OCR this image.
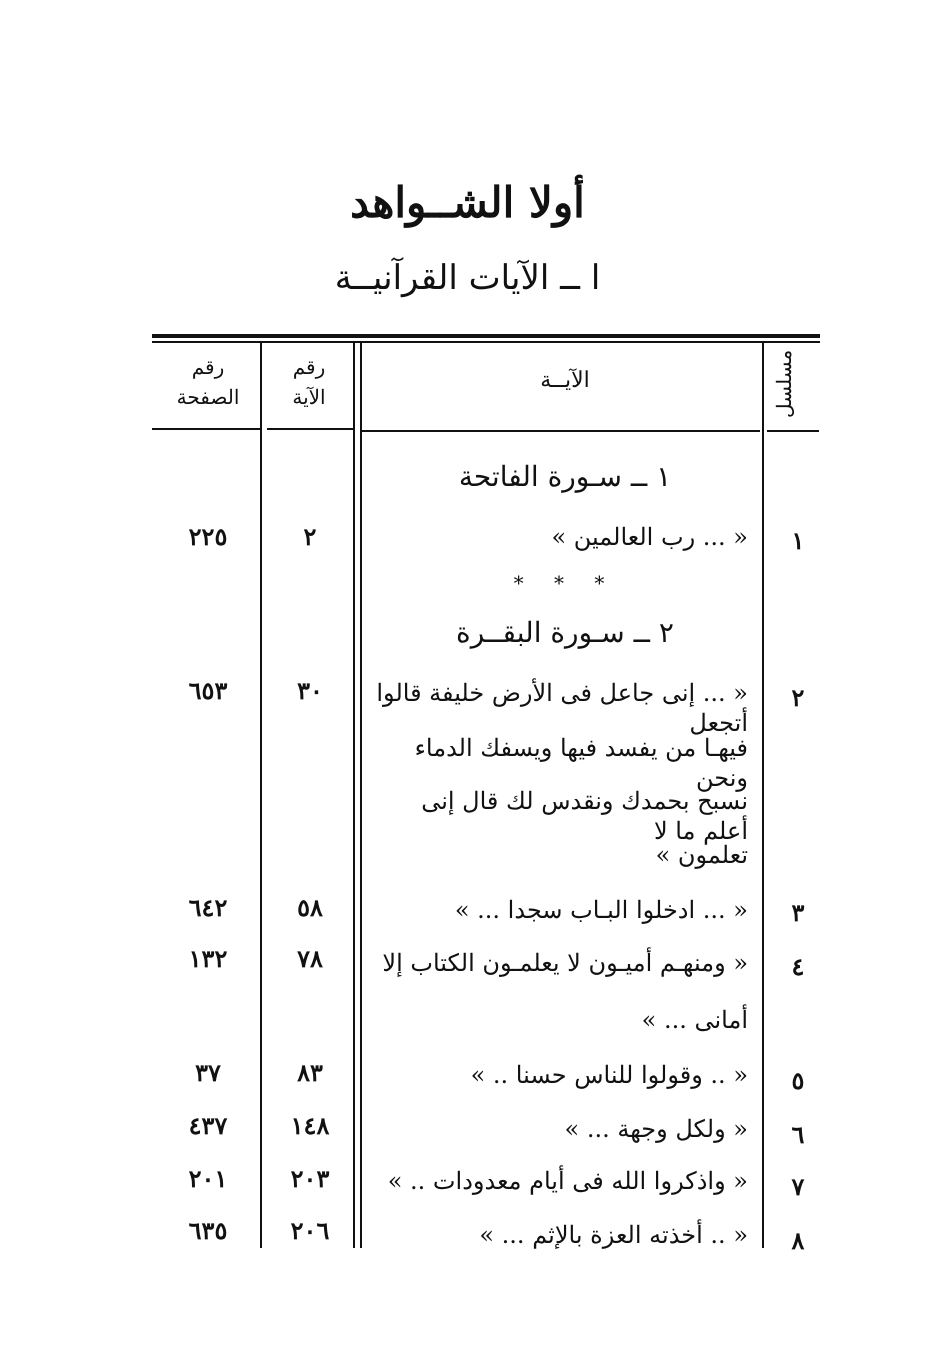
أولا الشــواهد
ا ــ الآيات القرآنيــة
رقم
الصفحة
رقم
الآية
الآيــة	مسلسل
١ ــ سـورة الفاتحة
* * *
٢ ــ سـورة البقــرة
١
« ... رب العالمين »
٢
٢٢٥
٢
« ... إنى جاعل فى الأرض خليفة قالوا أتجعل
فيهـا من يفسد فيها ويسفك الدماء ونحن
نسبح بحمدك ونقدس لك قال إنى أعلم ما لا
تعلمون »
٣٠
٦٥٣
٣
« ... ادخلوا البـاب سجدا ... »
٥٨
٦٤٢
٤
« ومنهـم أميـون لا يعلمـون الكتاب إلا
أمانى ... »
٧٨
١٣٢
٥
« .. وقولوا للناس حسنا .. »
٨٣
٣٧
٦
« ولكل وجهة ... »
١٤٨
٤٣٧
٧
« واذكروا الله فى أيام معدودات .. »
٢٠٣
٢٠١
٨
« .. أخذته العزة بالإثم ... »
٢٠٦
٦٣٥
